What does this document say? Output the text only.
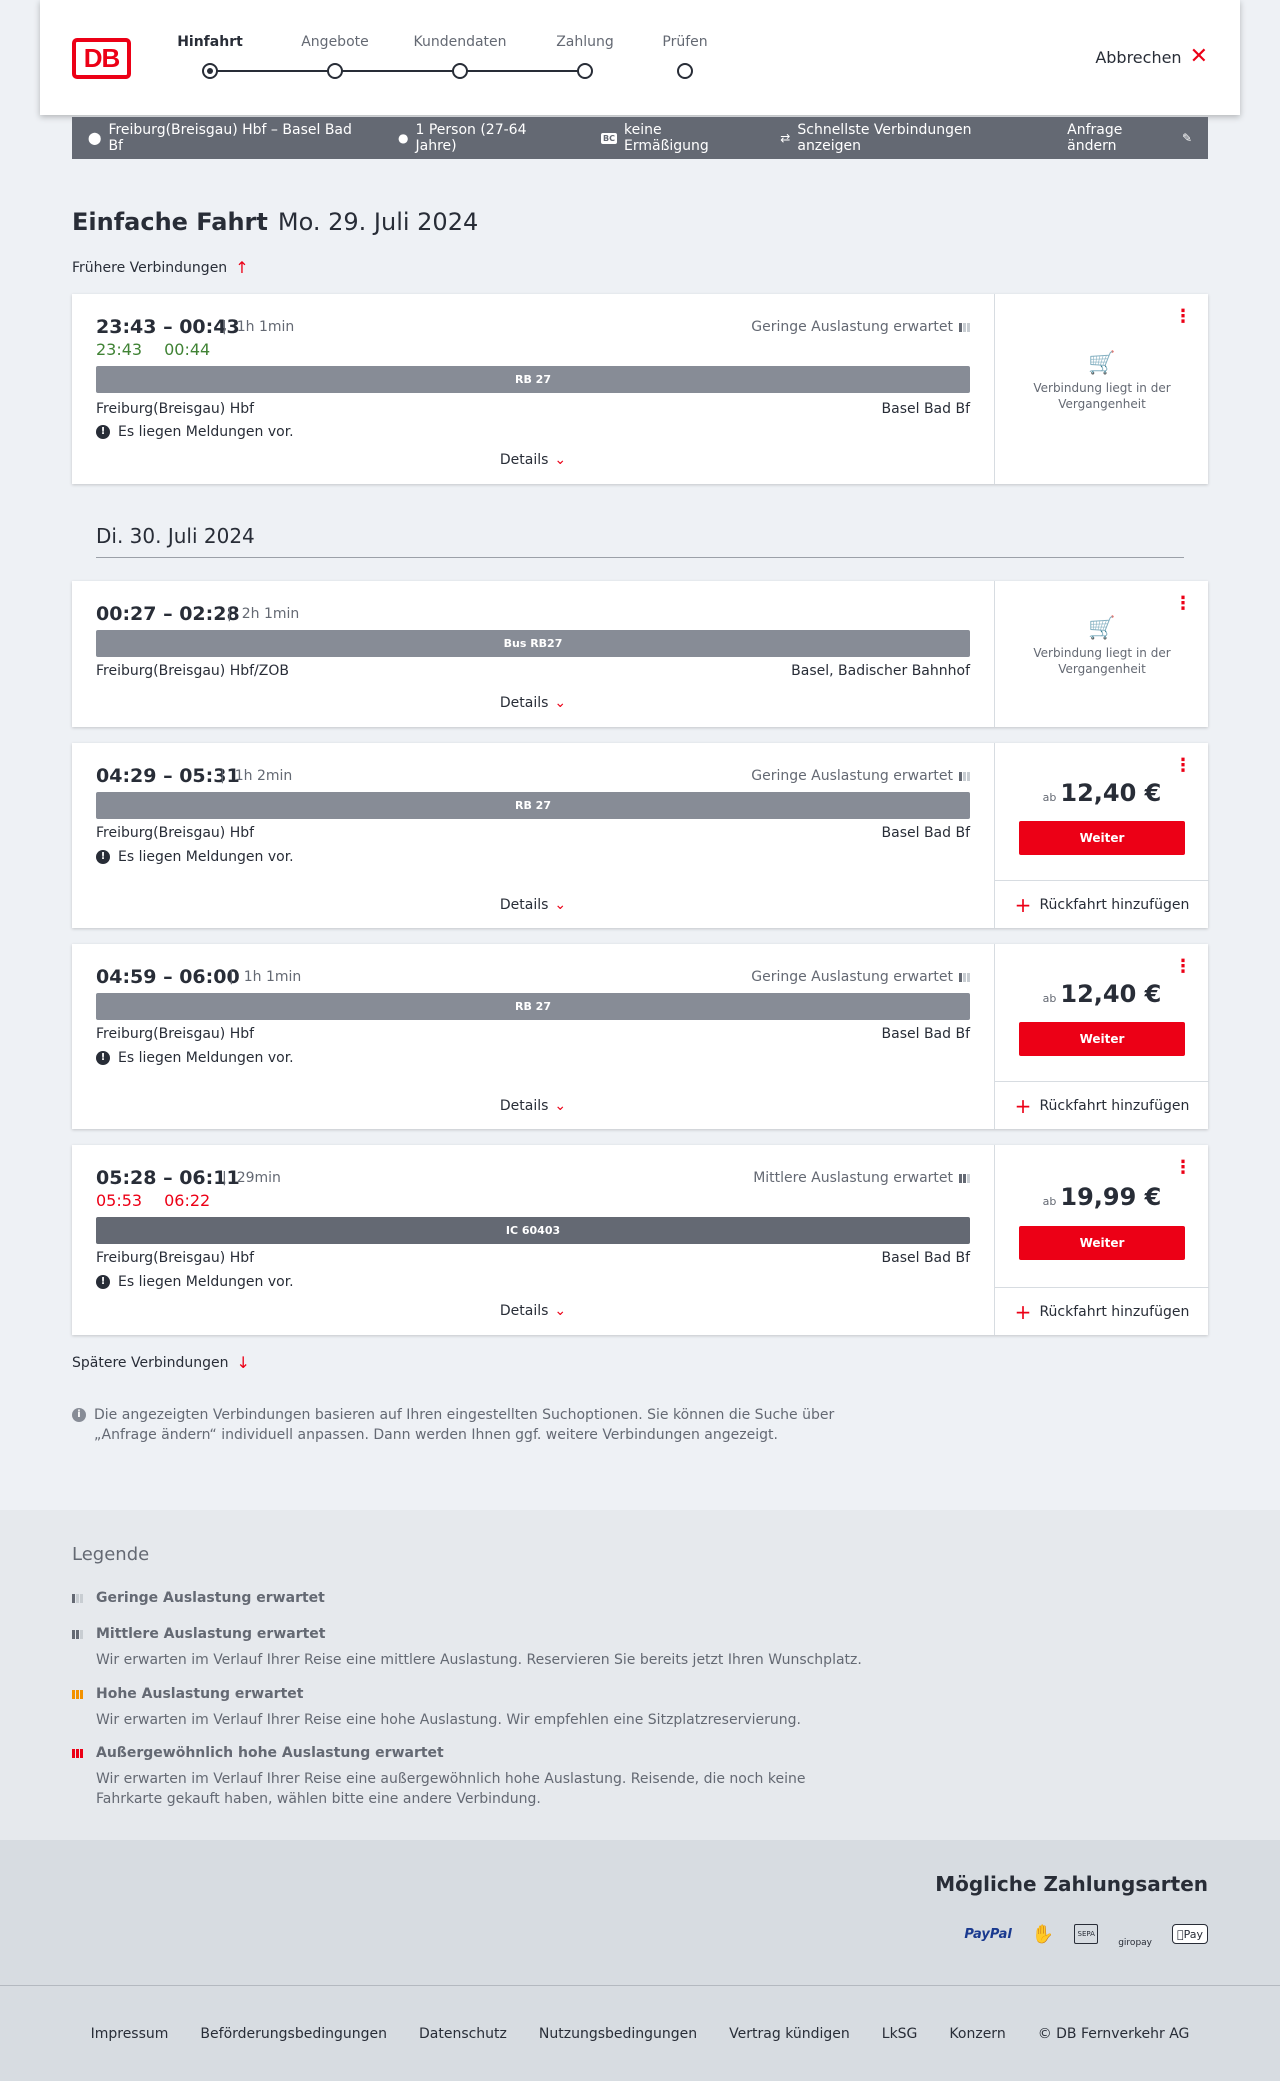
DB
Hinfahrt	Angebote	Kundendaten	Zahlung	Prüfen
Abbrechen ✕
⬤ Freiburg(Breisgau) Hbf – Basel Bad Bf	● 1 Person (27-64 Jahre)	BC keine Ermäßigung	⇄ Schnellste Verbindungen anzeigen
Anfrage ändern	✎
Einfache Fahrt Mo. 29. Juli 2024
Frühere Verbindungen ↑
23:43 – 00:43
| 1h 1min
23:43 00:44
Geringe Auslastung erwartet
RB 27
Freiburg(Breisgau) Hbf	Basel Bad Bf
! Es liegen Meldungen vor.
Details ⌄
⋮
🛒
Verbindung liegt in der Vergangenheit
Di. 30. Juli 2024
00:27 – 02:28 | 2h 1min
Bus RB27
Freiburg(Breisgau) Hbf/ZOB	Basel, Badischer Bahnhof
Details ⌄
⋮
🛒
Verbindung liegt in der Vergangenheit
04:29 – 05:31
| 1h 2min	Geringe Auslastung erwartet
RB 27
Freiburg(Breisgau) Hbf	Basel Bad Bf
! Es liegen Meldungen vor.
Details ⌄
⋮
ab 12,40 €
Weiter
+ Rückfahrt hinzufügen
04:59 – 06:00 | 1h 1min	Geringe Auslastung erwartet
RB 27
Freiburg(Breisgau) Hbf	Basel Bad Bf
! Es liegen Meldungen vor.
Details ⌄
⋮
ab 12,40 €
Weiter
+ Rückfahrt hinzufügen
05:28 – 06:11
| 29min
05:53 06:22
Mittlere Auslastung erwartet
IC 60403
Freiburg(Breisgau) Hbf	Basel Bad Bf
! Es liegen Meldungen vor.
Details ⌄
⋮
ab 19,99 €
Weiter
+ Rückfahrt hinzufügen
Spätere Verbindungen ↓
i Die angezeigten Verbindungen basieren auf Ihren eingestellten Suchoptionen. Sie können die Suche über „Anfrage ändern“ individuell anpassen. Dann werden Ihnen ggf. weitere Verbindungen angezeigt.
Legende
Geringe Auslastung erwartet
Mittlere Auslastung erwartet
Wir erwarten im Verlauf Ihrer Reise eine mittlere Auslastung. Reservieren Sie bereits jetzt Ihren Wunschplatz.
Hohe Auslastung erwartet
Wir erwarten im Verlauf Ihrer Reise eine hohe Auslastung. Wir empfehlen eine Sitzplatzreservierung.
Außergewöhnlich hohe Auslastung erwartet
Wir erwarten im Verlauf Ihrer Reise eine außergewöhnlich hohe Auslastung. Reisende, die noch keine Fahrkarte gekauft haben, wählen bitte eine andere Verbindung.
Mögliche Zahlungsarten
PayPal	✋	SEPA
giropay
Pay
Impressum Beförderungsbedingungen Datenschutz Nutzungsbedingungen Vertrag kündigen LkSG Konzern © DB Fernverkehr AG
